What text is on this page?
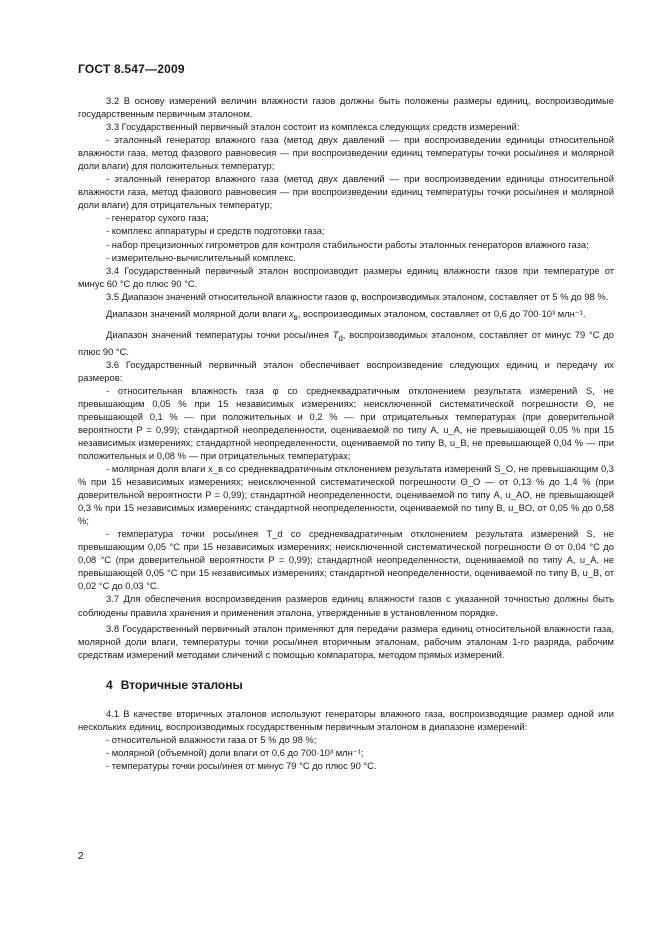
ГОСТ 8.547—2009

3.2 В основу измерений величин влажности газов должны быть положены размеры единиц, воспроизводимые государственным первичным эталоном.

3.3 Государственный первичный эталон состоит из комплекса следующих средств измерений:

- эталонный генератор влажного газа (метод двух давлений — при воспроизведении единицы относительной влажности газа, метод фазового равновесия — при воспроизведении единиц температуры точки росы/инея и молярной доли влаги) для положительных температур;

- эталонный генератор влажного газа (метод двух давлений — при воспроизведении единицы относительной влажности газа, метод фазового равновесия — при воспроизведении единиц температуры точки росы/инея и молярной доли влаги) для отрицательных температур;

- генератор сухого газа;

- комплекс аппаратуры и средств подготовки газа;

- набор прецизионных гигрометров для контроля стабильности работы эталонных генераторов влажного газа;

- измерительно-вычислительный комплекс.

3.4 Государственный первичный эталон воспроизводит размеры единиц влажности газов при температуре от минус 60 °С до плюс 90 °С.

3.5 Диапазон значений относительной влажности газов φ, воспроизводимых эталоном, составляет от 5 % до 98 %.

Диапазон значений молярной доли влаги $x_в$, воспроизводимых эталоном, составляет от 0,6 до 700·10³ млн⁻¹.

Диапазон значений температуры точки росы/инея $T_d$, воспроизводимых эталоном, составляет от минус 79 °С до плюс 90 °С.

3.6 Государственный первичный эталон обеспечивает воспроизведение следующих единиц и передачу их размеров:

- относительная влажность газа φ со среднеквадратичным отклонением результата измерений S, не превышающим 0,05 % при 15 независимых измерениях; неисключенной систематической погрешности Θ, не превышающей 0,1 % — при положительных и 0,2 % — при отрицательных температурах (при доверительной вероятности P = 0,99); стандартной неопределенности, оцениваемой по типу А, u_A, не превышающей 0,05 % при 15 независимых измерениях; стандартной неопределенности, оцениваемой по типу В, u_B, не превышающей 0,04 % — при положительных и 0,08 % — при отрицательных температурах;

- молярная доля влаги x_в со среднеквадратичным отклонением результата измерений S_O, не превышающим 0,3 % при 15 независимых измерениях; неисключенной систематической погрешности Θ_O — от 0,13 % до 1,4 % (при доверительной вероятности P = 0,99); стандартной неопределенности, оцениваемой по типу А, u_AO, не превышающей 0,3 % при 15 независимых измерениях; стандартной неопределенности, оцениваемой по типу В, u_BO, от 0,05 % до 0,58 %;

- температура точки росы/инея T_d со среднеквадратичным отклонением результата измерений S, не превышающим 0,05 °С при 15 независимых измерениях; неисключенной систематической погрешности Θ от 0,04 °С до 0,08 °С (при доверительной вероятности P = 0,99); стандартной неопределенности, оцениваемой по типу А, u_A, не превышающей 0,05 °С при 15 независимых измерениях; стандартной неопределенности, оцениваемой по типу В, u_B, от 0,02 °С до 0,03 °С.

3.7 Для обеспечения воспроизведения размеров единиц влажности газов с указанной точностью должны быть соблюдены правила хранения и применения эталона, утвержденные в установленном порядке.

3.8 Государственный первичный эталон применяют для передачи размера единиц относительной влажности газа, молярной доли влаги, температуры точки росы/инея вторичным эталонам, рабочим эталонам 1-го разряда, рабочим средствам измерений методами сличений с помощью компаратора, методом прямых измерений.

4 Вторичные эталоны

4.1 В качестве вторичных эталонов используют генераторы влажного газа, воспроизводящие размер одной или нескольких единиц, воспроизводимых государственным первичным эталоном в диапазоне измерений:

- относительной влажности газа от 5 % до 98 %;

- молярной (объемной) доли влаги от 0,6 до 700·10³ млн⁻¹;

- температуры точки росы/инея от минус 79 °С до плюс 90 °С.

2
